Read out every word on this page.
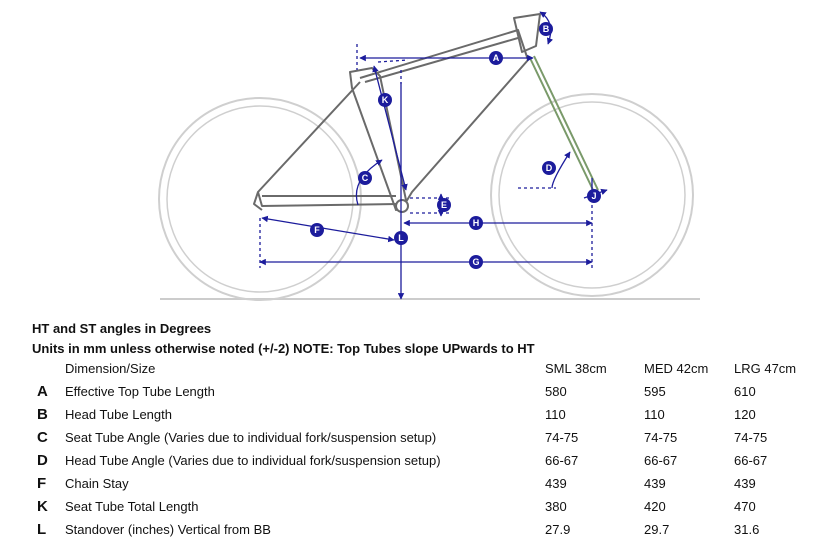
A
B
C
D
E
F
G
H
J
K
L
HT and ST angles in Degrees
Units in mm unless otherwise noted (+/-2) NOTE: Top Tubes slope UPwards to HT
	Dimension/Size	SML 38cm	MED 42cm	LRG 47cm
A	Effective Top Tube Length	580	595	610
B	Head Tube Length	110	110	120
C	Seat Tube Angle (Varies due to individual fork/suspension setup)	74-75	74-75	74-75
D	Head Tube Angle (Varies due to individual fork/suspension setup)	66-67	66-67	66-67
F	Chain Stay	439	439	439
K	Seat Tube Total Length	380	420	470
L	Standover (inches) Vertical from BB	27.9	29.7	31.6
